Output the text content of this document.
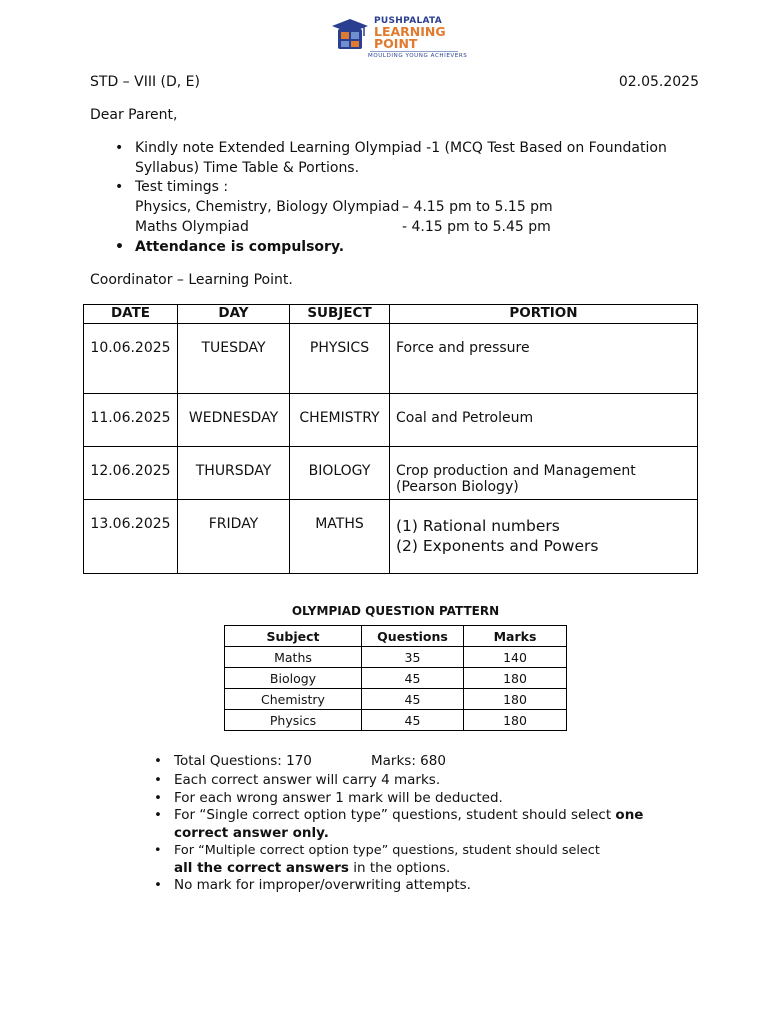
PUSHPALATA
LEARNING
POINT
MOULDING YOUNG ACHIEVERS
STD – VIII (D, E)	02.05.2025
Dear Parent,
• Kindly note Extended Learning Olympiad -1 (MCQ Test Based on Foundation
Syllabus) Time Table & Portions.
• Test timings :
Physics, Chemistry, Biology Olympiad – 4.15 pm to 5.15 pm
Maths Olympiad	- 4.15 pm to 5.45 pm
• Attendance is compulsory.
Coordinator – Learning Point.
DATE	DAY	SUBJECT	PORTION
10.06.2025	TUESDAY	PHYSICS	Force and pressure

11.06.2025	WEDNESDAY	CHEMISTRY	Coal and Petroleum

12.06.2025	THURSDAY	BIOLOGY	Crop production and Management
(Pearson Biology)

13.06.2025	FRIDAY	MATHS	(1) Rational numbers
(2) Exponents and Powers
OLYMPIAD QUESTION PATTERN
Subject	Questions	Marks
Maths	35	140
Biology	45	180
Chemistry	45	180
Physics	45	180
• Total Questions: 170	Marks: 680
• Each correct answer will carry 4 marks.
• For each wrong answer 1 mark will be deducted.
• For “Single correct option type” questions, student should select one
correct answer only.
• For “Multiple correct option type” questions, student should select
all the correct answers in the options.
• No mark for improper/overwriting attempts.
